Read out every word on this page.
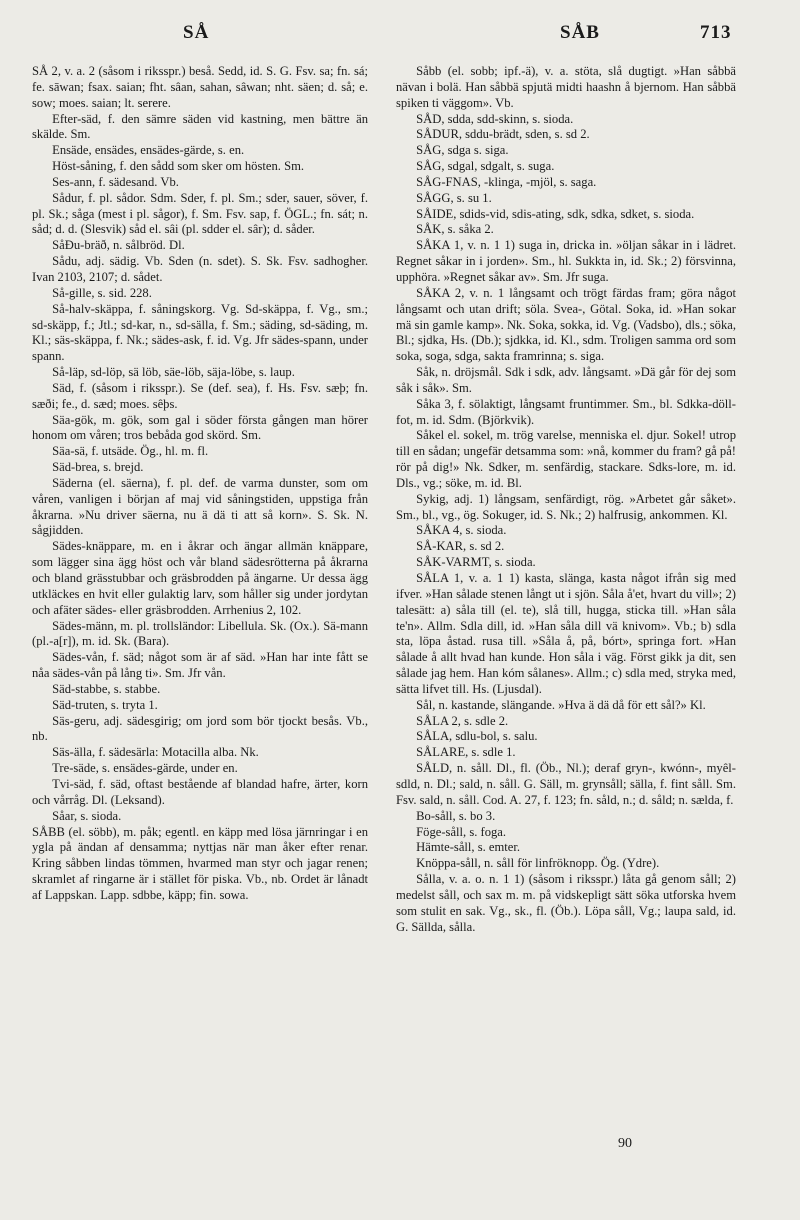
SÅ	SÅB	713

SÅ 2, v. a. 2 (såsom i riksspr.) beså. Sedd, id. S. G. Fsv. sa; fn. sá; fe. sāwan; fsax. saian; fht. sâan, sahan, sâwan; nht. säen; d. så; e. sow; moes. saian; lt. serere.

Efter-säd, f. den sämre säden vid kastning, men bättre än skälde. Sm.

Ensäde, ensädes, ensädes-gärde, s. en.

Höst-såning, f. den sådd som sker om hösten. Sm.

Ses-ann, f. sädesand. Vb.

Sådur, f. pl. sådor. Sdm. Sder, f. pl. Sm.; sder, sauer, söver, f. pl. Sk.; såga (mest i pl. sågor), f. Sm. Fsv. sap, f. ÖGL.; fn. sát; n. såd; d. d. (Slesvik) såd el. sâi (pl. sdder el. sâr); d. såder.

SåÐu-bräð, n. sålbröd. Dl.

Sådu, adj. sädig. Vb. Sden (n. sdet). S. Sk. Fsv. sadhogher. Ivan 2103, 2107; d. sådet.

Så-gille, s. sid. 228.

Så-halv-skäppa, f. såningskorg. Vg. Sd-skäppa, f. Vg., sm.; sd-skäpp, f.; Jtl.; sd-kar, n., sd-sälla, f. Sm.; säding, sd-säding, m. Kl.; säs-skäppa, f. Nk.; sädes-ask, f. id. Vg. Jfr sädes-spann, under spann.

Så-läp, sd-löp, sä löb, säe-löb, säja-löbe, s. laup.

Säd, f. (såsom i riksspr.). Se (def. sea), f. Hs. Fsv. sæþ; fn. sæði; fe., d. sæd; moes. sêþs.

Säa-gök, m. gök, som gal i söder första gången man hörer honom om våren; tros bebåda god skörd. Sm.

Säa-sä, f. utsäde. Ög., hl. m. fl.

Säd-brea, s. brejd.

Säderna (el. säerna), f. pl. def. de varma dunster, som om våren, vanligen i början af maj vid såningstiden, uppstiga från åkrarna. »Nu driver säerna, nu ä dä ti att så korn». S. Sk. N. sågjidden.

Sädes-knäppare, m. en i åkrar och ängar allmän knäppare, som lägger sina ägg höst och vår bland sädesrötterna på åkrarna och bland grässtubbar och gräsbrodden på ängarne. Ur dessa ägg utkläckes en hvit eller gulaktig larv, som håller sig under jordytan och afäter sädes- eller gräsbrodden. Arrhenius 2, 102.

Sädes-männ, m. pl. trollsländor: Libellula. Sk. (Ox.). Sä-mann (pl.-a[r]), m. id. Sk. (Bara).

Sädes-vån, f. säd; något som är af säd. »Han har inte fått se nåa sädes-vån på lång ti». Sm. Jfr vån.

Säd-stabbe, s. stabbe.

Säd-truten, s. tryta 1.

Säs-geru, adj. sädesgirig; om jord som bör tjockt besås. Vb., nb.

Säs-älla, f. sädesärla: Motacilla alba. Nk.

Tre-säde, s. ensädes-gärde, under en.

Tvi-säd, f. säd, oftast bestående af blandad hafre, ärter, korn och vårråg. Dl. (Leksand).

Såar, s. sioda.

SÅBB (el. söbb), m. påk; egentl. en käpp med lösa järnringar i en ygla på ändan af densamma; nyttjas när man åker efter renar. Kring såbben lindas tömmen, hvarmed man styr och jagar renen; skramlet af ringarne är i stället för piska. Vb., nb. Ordet är lånadt af Lappskan. Lapp. sdbbe, käpp; fin. sowa.

Såbb (el. sobb; ipf.-ä), v. a. stöta, slå dugtigt. »Han såbbä nävan i bolä. Han såbbä spjutä midti haashn å bjernom. Han såbbä spiken ti väggom». Vb.

SÅD, sdda, sdd-skinn, s. sioda.

SÅDUR, sddu-brädt, sden, s. sd 2.

SÅG, sdga s. siga.

SÅG, sdgal, sdgalt, s. suga.

SÅG-FNAS, -klinga, -mjöl, s. saga.

SÅGG, s. su 1.

SÅIDE, sdids-vid, sdis-ating, sdk, sdka, sdket, s. sioda.

SÅK, s. såka 2.

SÅKA 1, v. n. 1 1) suga in, dricka in. »öljan såkar in i lädret. Regnet såkar in i jorden». Sm., hl. Sukkta in, id. Sk.; 2) försvinna, upphöra. »Regnet såkar av». Sm. Jfr suga.

SÅKA 2, v. n. 1 långsamt och trögt färdas fram; göra något långsamt och utan drift; söla. Svea-, Götal. Soka, id. »Han sokar mä sin gamle kamp». Nk. Soka, sokka, id. Vg. (Vadsbo), dls.; söka, Bl.; sjdka, Hs. (Db.); sjdkka, id. Kl., sdm. Troligen samma ord som soka, soga, sdga, sakta framrinna; s. siga.

Såk, n. dröjsmål. Sdk i sdk, adv. långsamt. »Dä går för dej som såk i såk». Sm.

Såka 3, f. sölaktigt, långsamt fruntimmer. Sm., bl. Sdkka-döll-fot, m. id. Sdm. (Björkvik).

Såkel el. sokel, m. trög varelse, menniska el. djur. Sokel! utrop till en sådan; ungefär detsamma som: »nå, kommer du fram? gå på! rör på dig!» Nk. Sdker, m. senfärdig, stackare. Sdks-lore, m. id. Dls., vg.; söke, m. id. Bl.

Sykig, adj. 1) långsam, senfärdigt, rög. »Arbetet går såket». Sm., bl., vg., ög. Sokuger, id. S. Nk.; 2) halfrusig, ankommen. Kl.

SÅKA 4, s. sioda.

SÅ-KAR, s. sd 2.

SÅK-VARMT, s. sioda.

SÅLA 1, v. a. 1 1) kasta, slänga, kasta något ifrån sig med ifver. »Han sålade stenen långt ut i sjön. Såla å'et, hvart du vill»; 2) talesätt: a) såla till (el. te), slå till, hugga, sticka till. »Han såla te'n». Allm. Sdla dill, id. »Han såla dill vä knivom». Vb.; b) sdla sta, löpa åstad. rusa till. »Såla å, på, bórt», springa fort. »Han sålade å allt hvad han kunde. Hon såla i väg. Först gikk ja dit, sen sålade jag hem. Han kóm sålanes». Allm.; c) sdla med, stryka med, sätta lifvet till. Hs. (Ljusdal).

Sål, n. kastande, slängande. »Hva ä dä då för ett sål?» Kl.

SÅLA 2, s. sdle 2.

SÅLA, sdlu-bol, s. salu.

SÅLARE, s. sdle 1.

SÅLD, n. såll. Dl., fl. (Öb., Nl.); deraf gryn-, kwónn-, myêl-sdld, n. Dl.; sald, n. såll. G. Säll, m. grynsåll; sälla, f. fint såll. Sm. Fsv. sald, n. såll. Cod. A. 27, f. 123; fn. såld, n.; d. såld; n. sælda, f.

Bo-såll, s. bo 3.

Föge-såll, s. foga.

Hämte-såll, s. emter.

Knöppa-såll, n. såll för linfröknopp. Ög. (Ydre).

Sålla, v. a. o. n. 1 1) (såsom i riksspr.) låta gå genom såll; 2) medelst såll, och sax m. m. på vidskepligt sätt söka utforska hvem som stulit en sak. Vg., sk., fl. (Öb.). Löpa såll, Vg.; laupa sald, id. G. Sällda, sålla.

90
